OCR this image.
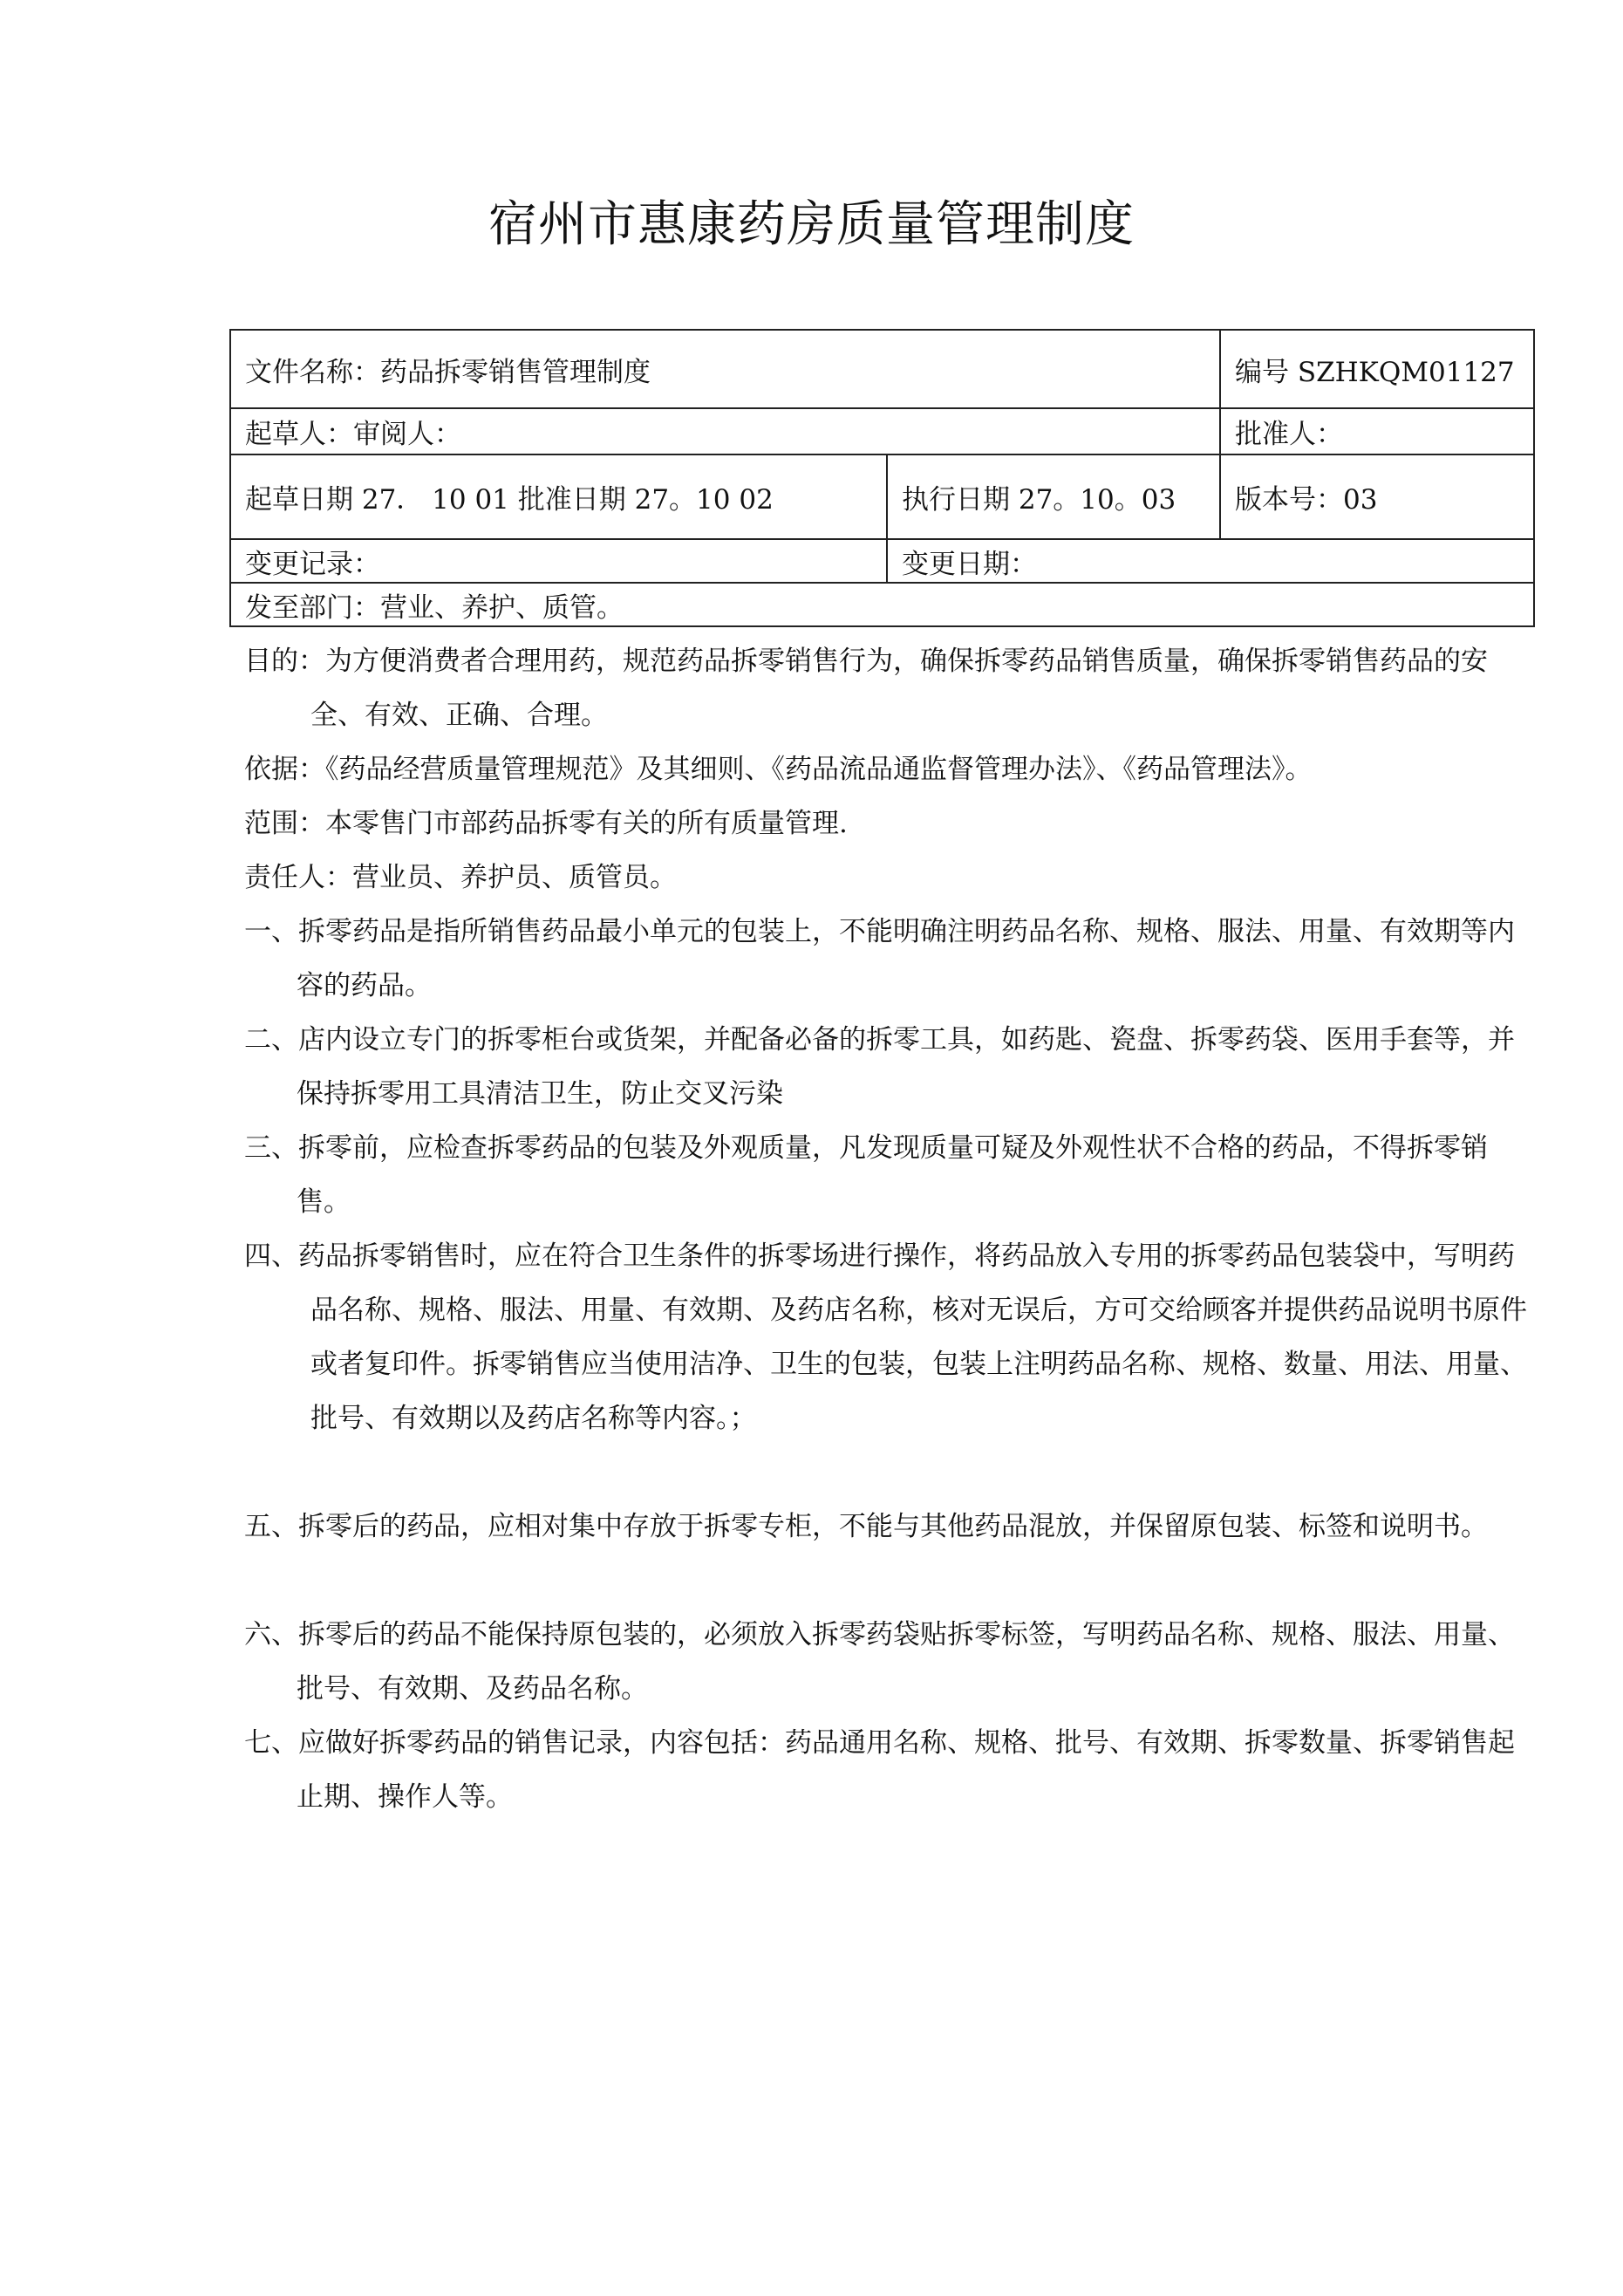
宿州市惠康药房质量管理制度
文件名称：药品拆零销售管理制度		编号 SZHKQM01127
起草人：审阅人：		批准人：
起草日期 27． 10 01 批准日期 27。10 02	执行日期 27。10。03	版本号：03
变更记录：	变更日期：	
发至部门：营业、养护、质管。		

目的：为方便消费者合理用药，规范药品拆零销售行为，确保拆零药品销售质量，确保拆零销售药品的安全、有效、正确、合理。

依据：《药品经营质量管理规范》及其细则、《药品流品通监督管理办法》、《药品管理法》。

范围：本零售门市部药品拆零有关的所有质量管理.

责任人：营业员、养护员、质管员。

一、拆零药品是指所销售药品最小单元的包装上，不能明确注明药品名称、规格、服法、用量、有效期等内容的药品。

二、店内设立专门的拆零柜台或货架，并配备必备的拆零工具，如药匙、瓷盘、拆零药袋、医用手套等，并保持拆零用工具清洁卫生，防止交叉污染

三、拆零前，应检查拆零药品的包装及外观质量，凡发现质量可疑及外观性状不合格的药品，不得拆零销售。

四、药品拆零销售时，应在符合卫生条件的拆零场进行操作，将药品放入专用的拆零药品包装袋中，写明药品名称、规格、服法、用量、有效期、及药店名称，核对无误后，方可交给顾客并提供药品说明书原件或者复印件。拆零销售应当使用洁净、卫生的包装，包装上注明药品名称、规格、数量、用法、用量、批号、有效期以及药店名称等内容。；

五、拆零后的药品，应相对集中存放于拆零专柜，不能与其他药品混放，并保留原包装、标签和说明书。

六、拆零后的药品不能保持原包装的，必须放入拆零药袋贴拆零标签，写明药品名称、规格、服法、用量、批号、有效期、及药品名称。

七、应做好拆零药品的销售记录，内容包括：药品通用名称、规格、批号、有效期、拆零数量、拆零销售起止期、操作人等。
